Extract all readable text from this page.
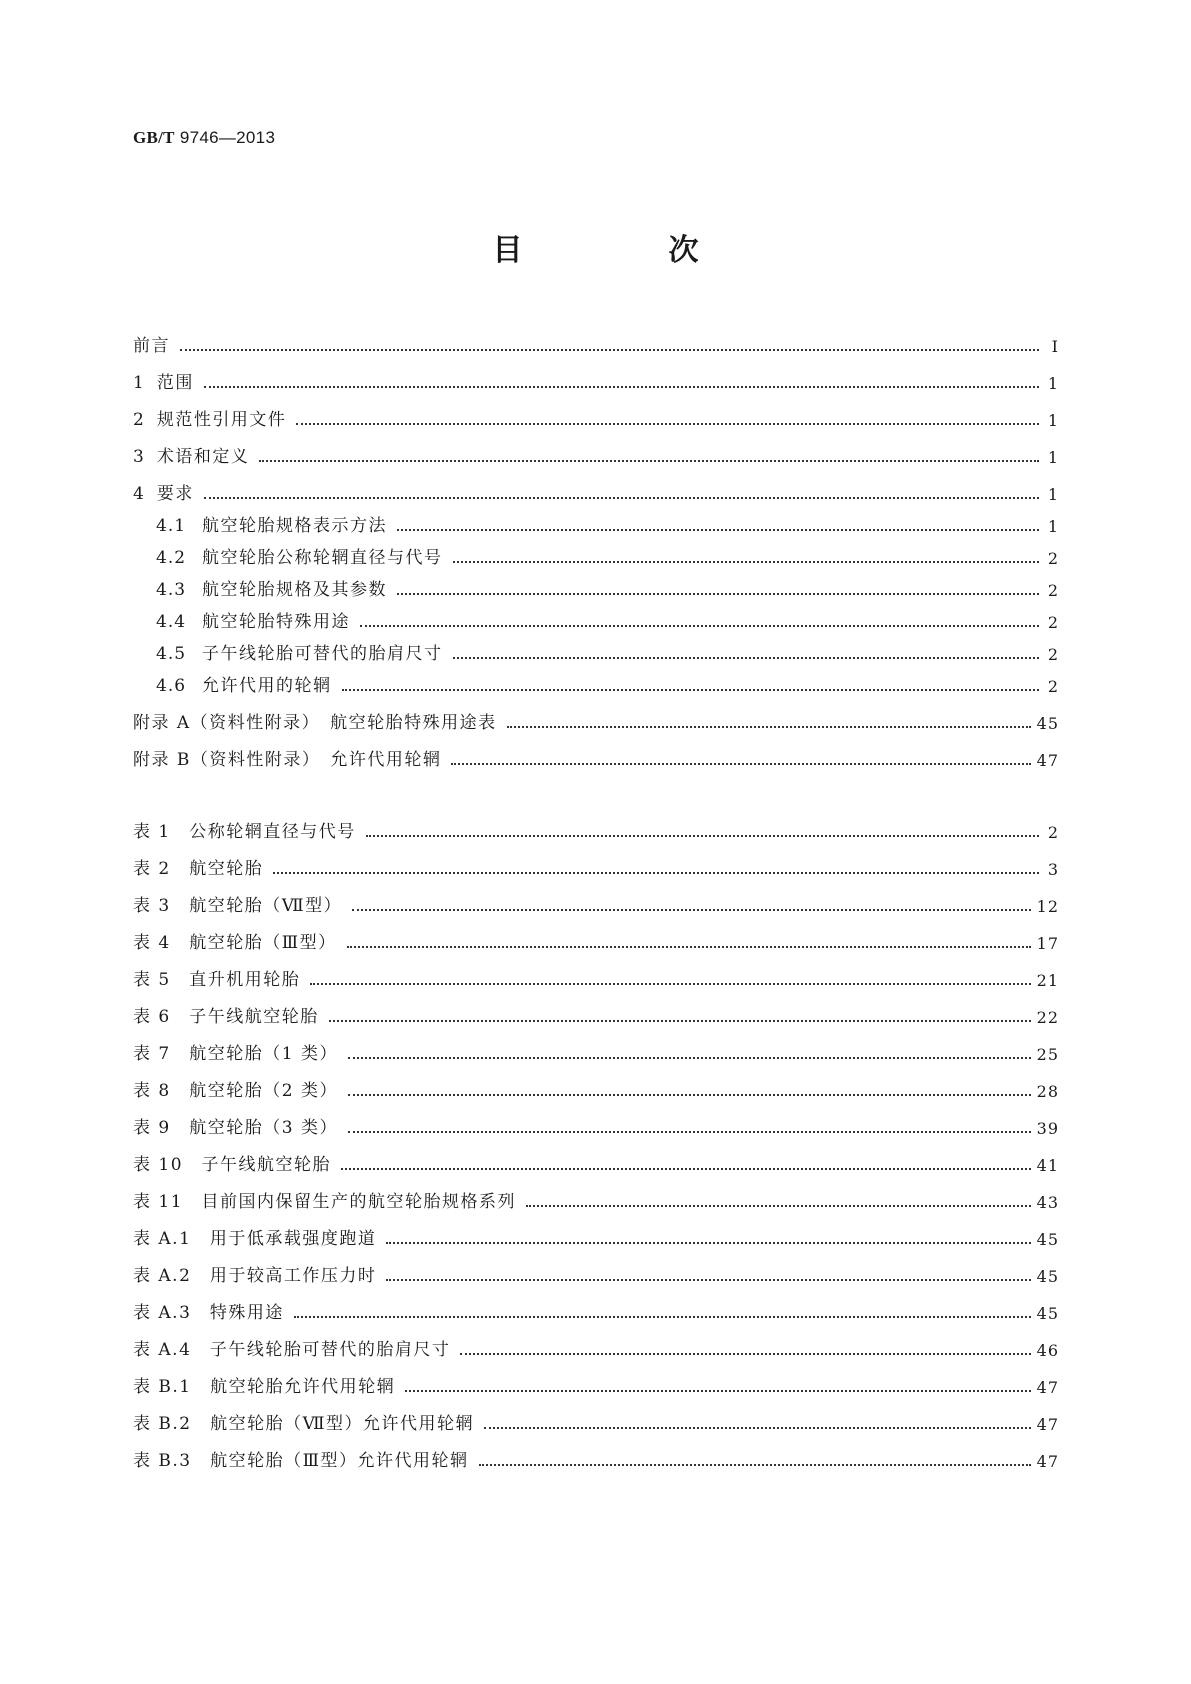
GB/T 9746—2013
目　次
前言	Ⅰ
1 范围	1
2 规范性引用文件	1
3 术语和定义	1
4 要求	1
4.1 航空轮胎规格表示方法	1
4.2 航空轮胎公称轮辋直径与代号	2
4.3 航空轮胎规格及其参数	2
4.4 航空轮胎特殊用途	2
4.5 子午线轮胎可替代的胎肩尺寸	2
4.6 允许代用的轮辋	2
附录 A（资料性附录）　航空轮胎特殊用途表	45
附录 B（资料性附录）　允许代用轮辋	47
表 1　公称轮辋直径与代号	2
表 2　航空轮胎	3
表 3　航空轮胎（Ⅶ型）	12
表 4　航空轮胎（Ⅲ型）	17
表 5　直升机用轮胎	21
表 6　子午线航空轮胎	22
表 7　航空轮胎（1 类）	25
表 8　航空轮胎（2 类）	28
表 9　航空轮胎（3 类）	39
表 10　子午线航空轮胎	41
表 11　目前国内保留生产的航空轮胎规格系列	43
表 A.1　用于低承载强度跑道	45
表 A.2　用于较高工作压力时	45
表 A.3　特殊用途	45
表 A.4　子午线轮胎可替代的胎肩尺寸	46
表 B.1　航空轮胎允许代用轮辋	47
表 B.2　航空轮胎（Ⅶ型）允许代用轮辋	47
表 B.3　航空轮胎（Ⅲ型）允许代用轮辋	47
